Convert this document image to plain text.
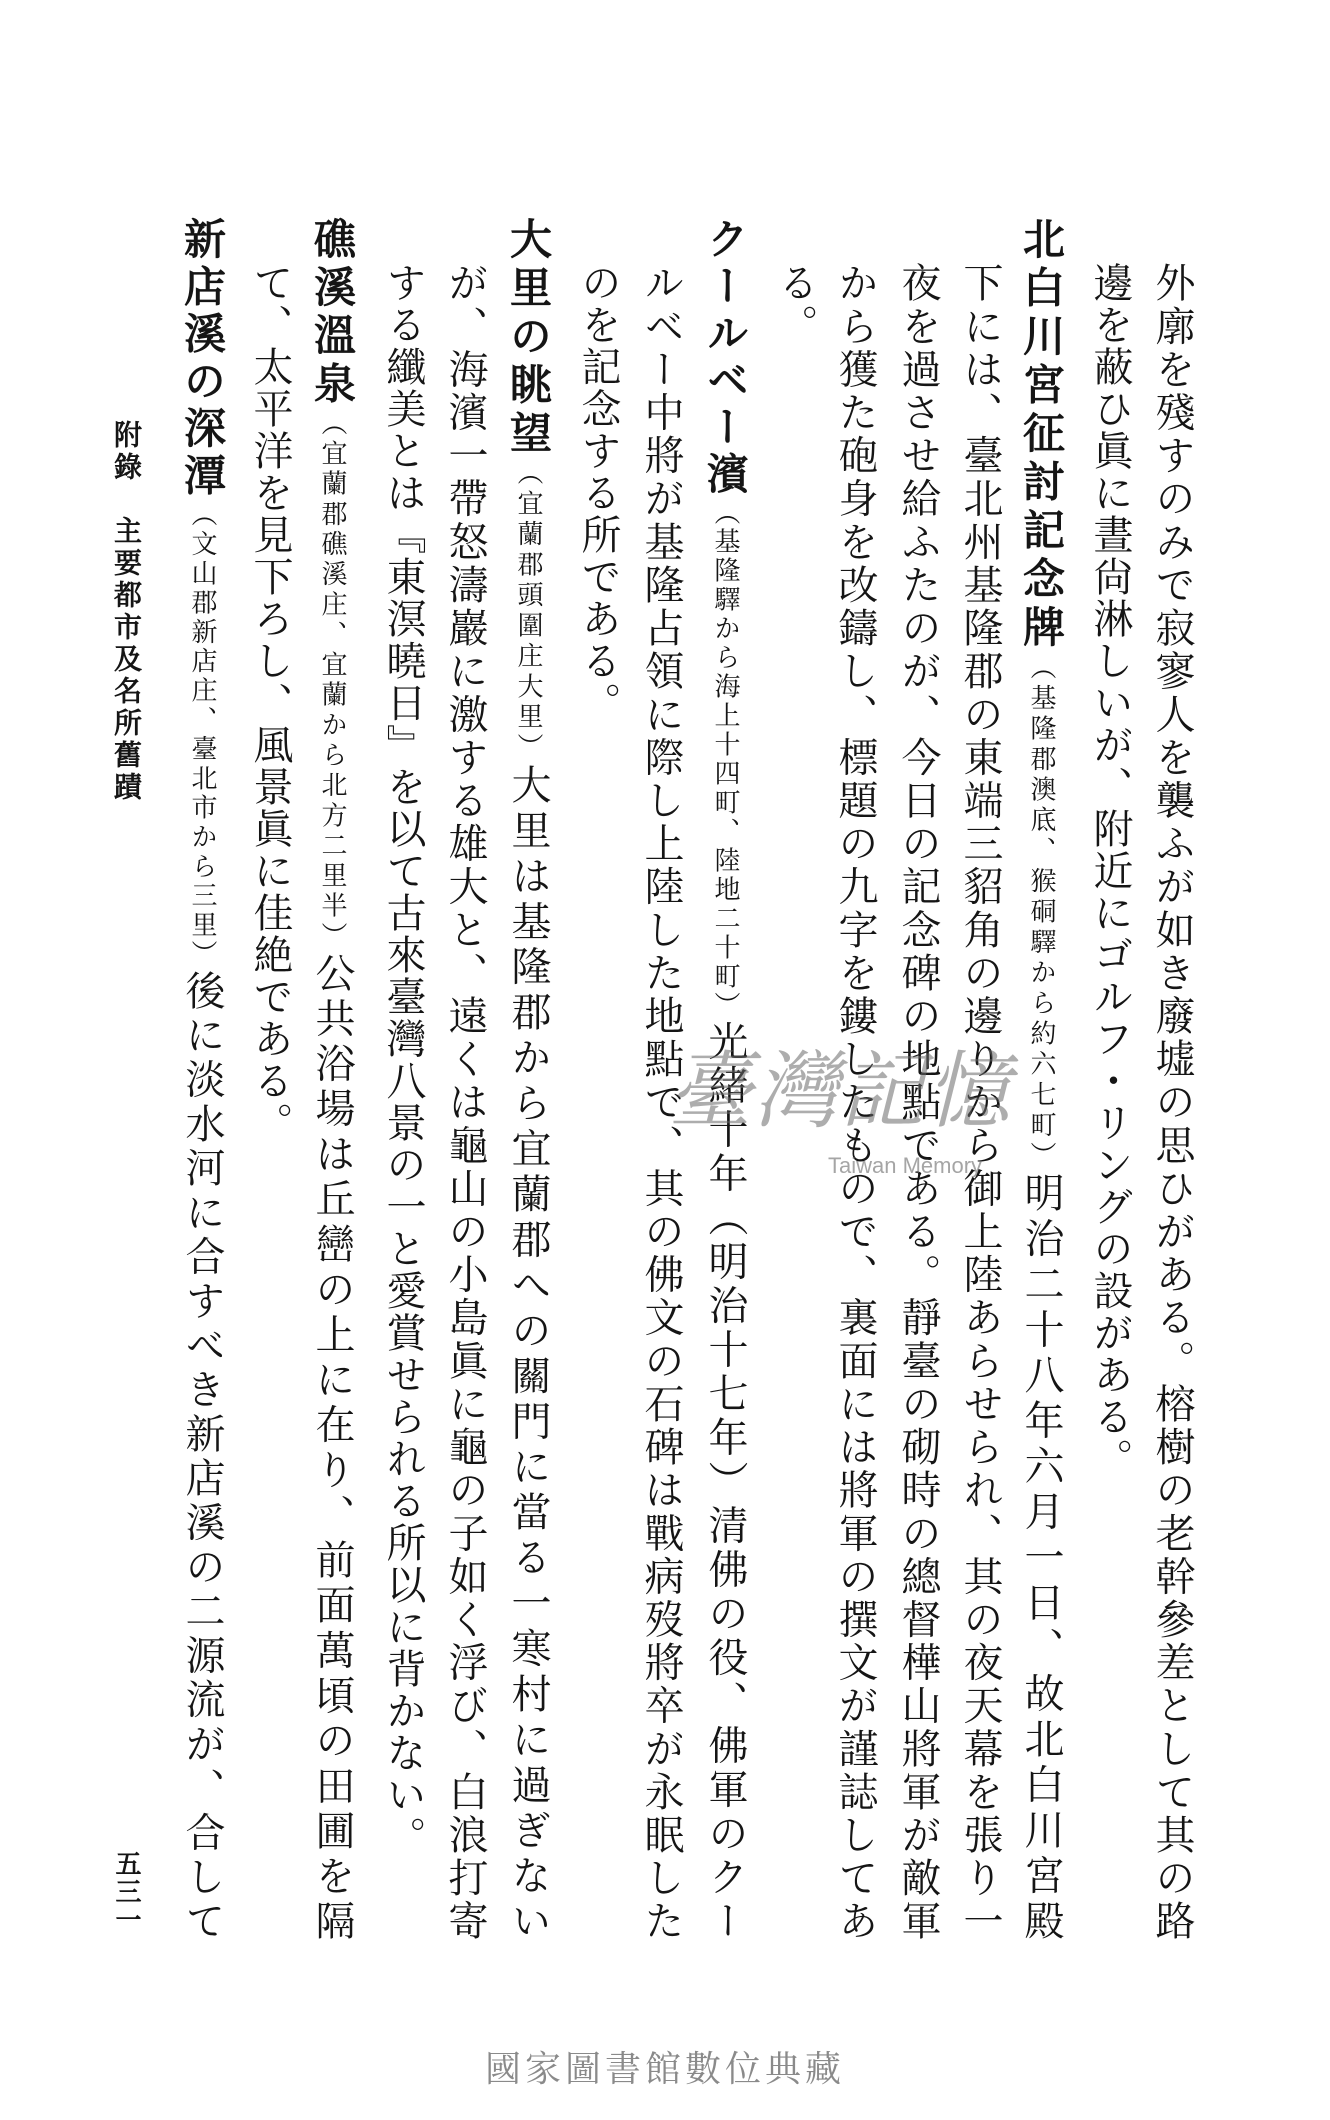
外廓を殘すのみで寂寥人を襲ふが如き廢墟の思ひがある。榕樹の老幹參差として其の路
邊を蔽ひ眞に晝尙淋しいが、附近にゴルフ・リングの設がある。
北白川宮征討記念牌（基隆郡澳底、猴硐驛から約六七町）明治二十八年六月一日、故北白川宮殿
下には、臺北州基隆郡の東端三貂角の邊りから御上陸あらせられ、其の夜天幕を張り一
夜を過させ給ふたのが、今日の記念碑の地點である。靜臺の砌時の總督樺山將軍が敵軍
から獲た砲身を改鑄し、標題の九字を鏤したもので、裏面には將軍の撰文が謹誌してあ
る。
クールベー濱（基隆驛から海上十四町、陸地二十町）光緒十年（明治十七年）清佛の役、佛軍のクー
ルベー中將が基隆占領に際し上陸した地點で、其の佛文の石碑は戰病歿將卒が永眠した
のを記念する所である。
大里の眺望（宜蘭郡頭圍庄大里）大里は基隆郡から宜蘭郡への關門に當る一寒村に過ぎない
が、海濱一帶怒濤巖に激する雄大と、遠くは龜山の小島眞に龜の子如く浮び、白浪打寄
する纖美とは『東溟曉日』を以て古來臺灣八景の一と愛賞せられる所以に背かない。
礁溪溫泉（宜蘭郡礁溪庄、宜蘭から北方二里半）公共浴場は丘巒の上に在り、前面萬頃の田圃を隔
て、太平洋を見下ろし、風景眞に佳絶である。
新店溪の深潭（文山郡新店庄、臺北市から三里）後に淡水河に合すべき新店溪の二源流が、合して
附錄　主要都市及名所舊蹟
五三一
臺灣記憶
Taiwan Memory
國家圖書館數位典藏
